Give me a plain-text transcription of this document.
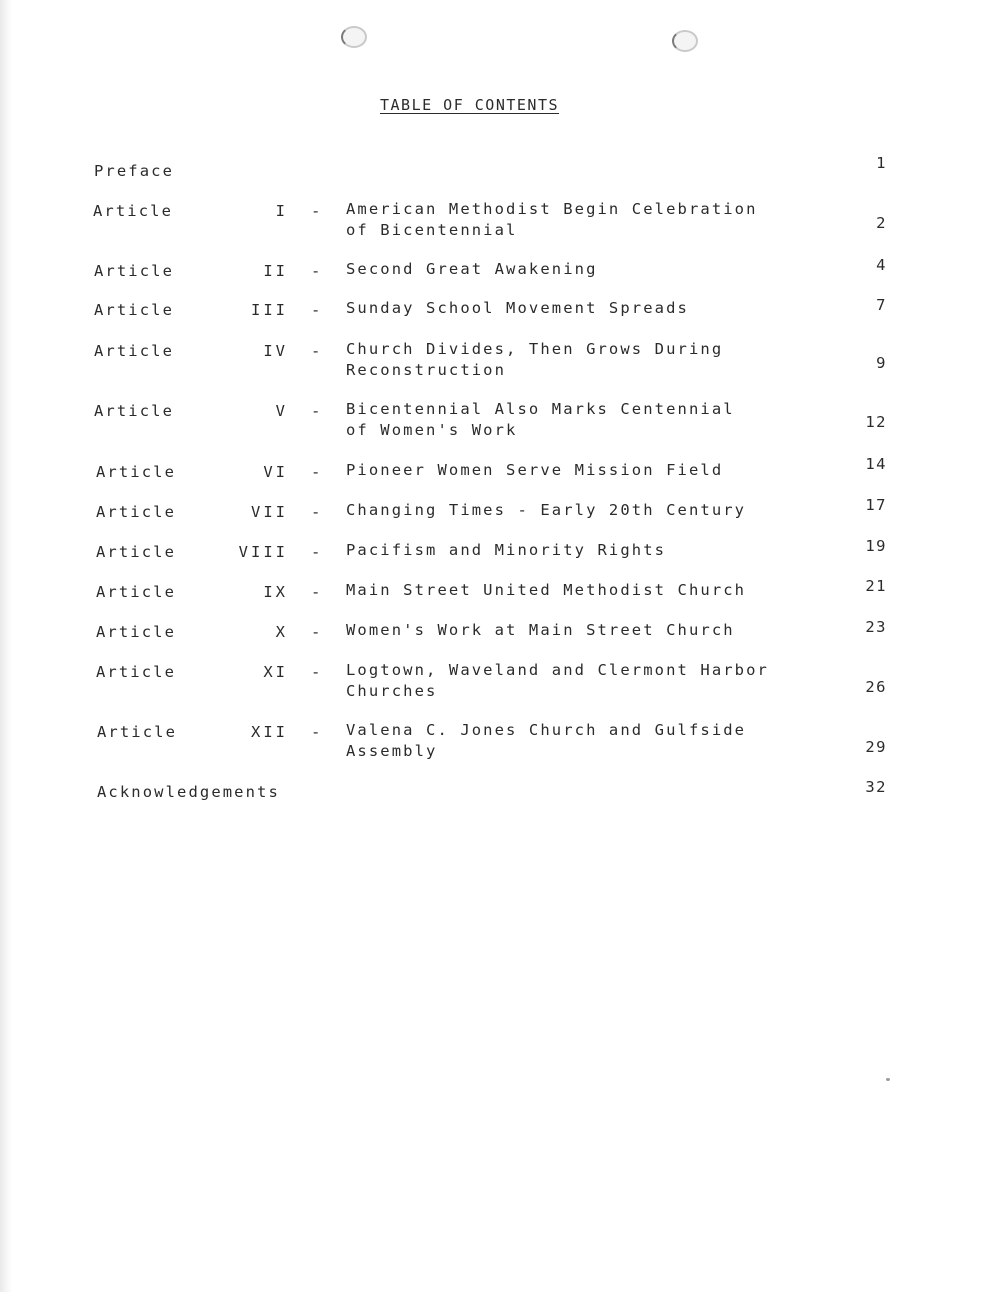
TABLE OF CONTENTS
Preface	1
Article	I - American Methodist Begin Celebration
of Bicentennial	2
Article	II - Second Great Awakening	4
Article	III - Sunday School Movement Spreads	7
Article	IV - Church Divides, Then Grows During
Reconstruction	9
Article	V - Bicentennial Also Marks Centennial
of Women's Work	12
Article	VI - Pioneer Women Serve Mission Field	14
Article	VII - Changing Times - Early 20th Century	17
Article	VIII - Pacifism and Minority Rights	19
Article	IX - Main Street United Methodist Church	21
Article	X - Women's Work at Main Street Church	23
Article	XI - Logtown, Waveland and Clermont Harbor
Churches	26
Article	XII - Valena C. Jones Church and Gulfside
Assembly	29
Acknowledgements	32
